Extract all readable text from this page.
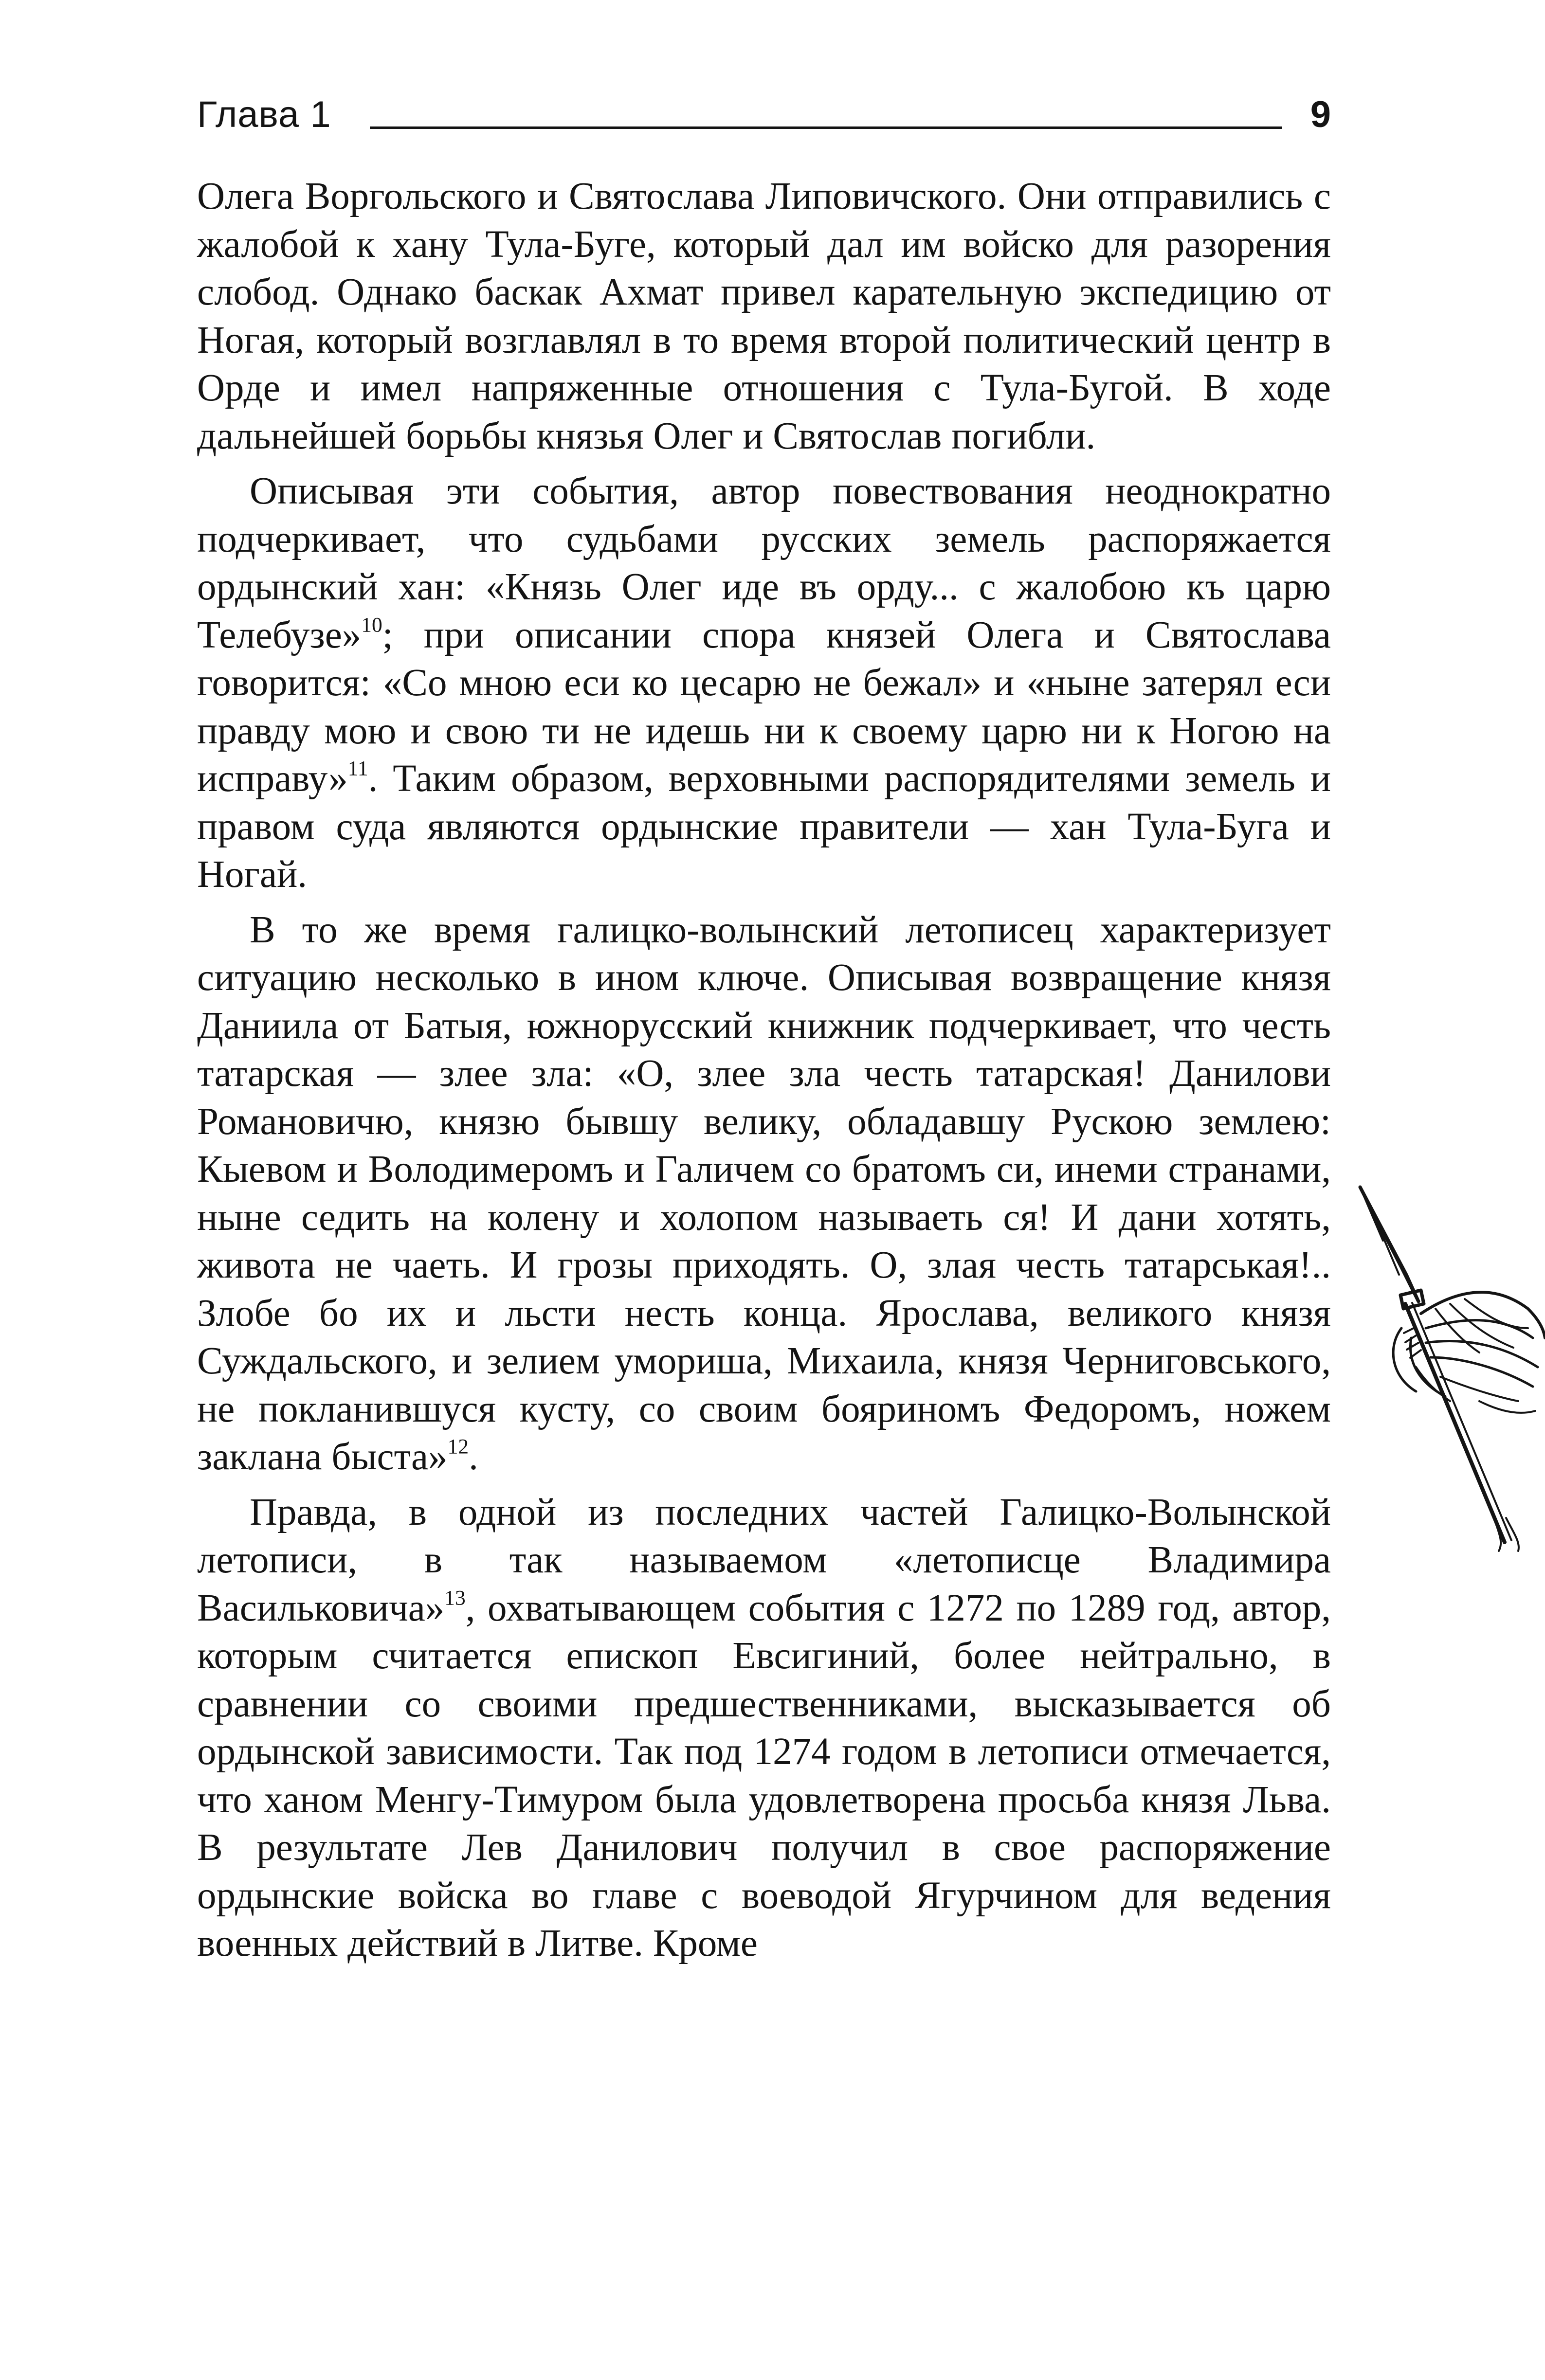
Глава 1	9

Олега Воргольского и Святослава Липовичского. Они отправились с жалобой к хану Тула-Буге, который дал им войско для разорения слобод. Однако баскак Ахмат привел карательную экспедицию от Ногая, который возглавлял в то время второй политический центр в Орде и имел напряженные отношения с Тула-Бугой. В ходе дальнейшей борьбы князья Олег и Святослав погибли.

Описывая эти события, автор повествования неоднократно подчеркивает, что судьбами русских земель распоряжается ордынский хан: «Князь Олег иде въ орду... с жалобою къ царю Телебузе»$^{10}$; при описании спора князей Олега и Святослава говорится: «Со мною еси ко цесарю не бежал» и «ныне затерял еси правду мою и свою ти не идешь ни к своему царю ни к Ногою на исправу»$^{11}$. Таким образом, верховными распорядителями земель и правом суда являются ордынские правители — хан Тула-Буга и Ногай.

В то же время галицко-волынский летописец характеризует ситуацию несколько в ином ключе. Описывая возвращение князя Даниила от Батыя, южнорусский книжник подчеркивает, что честь татарская — злее зла: «О, злее зла честь татарская! Данилови Романовичю, князю бывшу велику, обладавшу Рускою землею: Кыевом и Володимеромъ и Галичем со братомъ си, инеми странами, ныне седить на колену и холопом называеть ся! И дани хотять, живота не чаеть. И грозы приходять. О, злая честь татарськая!.. Злобе бо их и льсти несть конца. Ярослава, великого князя Суждальского, и зелием умориша, Михаила, князя Черниговського, не покланившуся кусту, со своим бояриномъ Федоромъ, ножем заклана быста»$^{12}$.

Правда, в одной из последних частей Галицко-Волынской летописи, в так называемом «летописце Владимира Васильковича»$^{13}$, охватывающем события с 1272 по 1289 год, автор, которым считается епископ Евсигиний, более нейтрально, в сравнении со своими предшественниками, высказывается об ордынской зависимости. Так под 1274 годом в летописи отмечается, что ханом Менгу-Тимуром была удовлетворена просьба князя Льва. В результате Лев Данилович получил в свое распоряжение ордынские войска во главе с воеводой Ягурчином для ведения военных действий в Литве. Кроме
